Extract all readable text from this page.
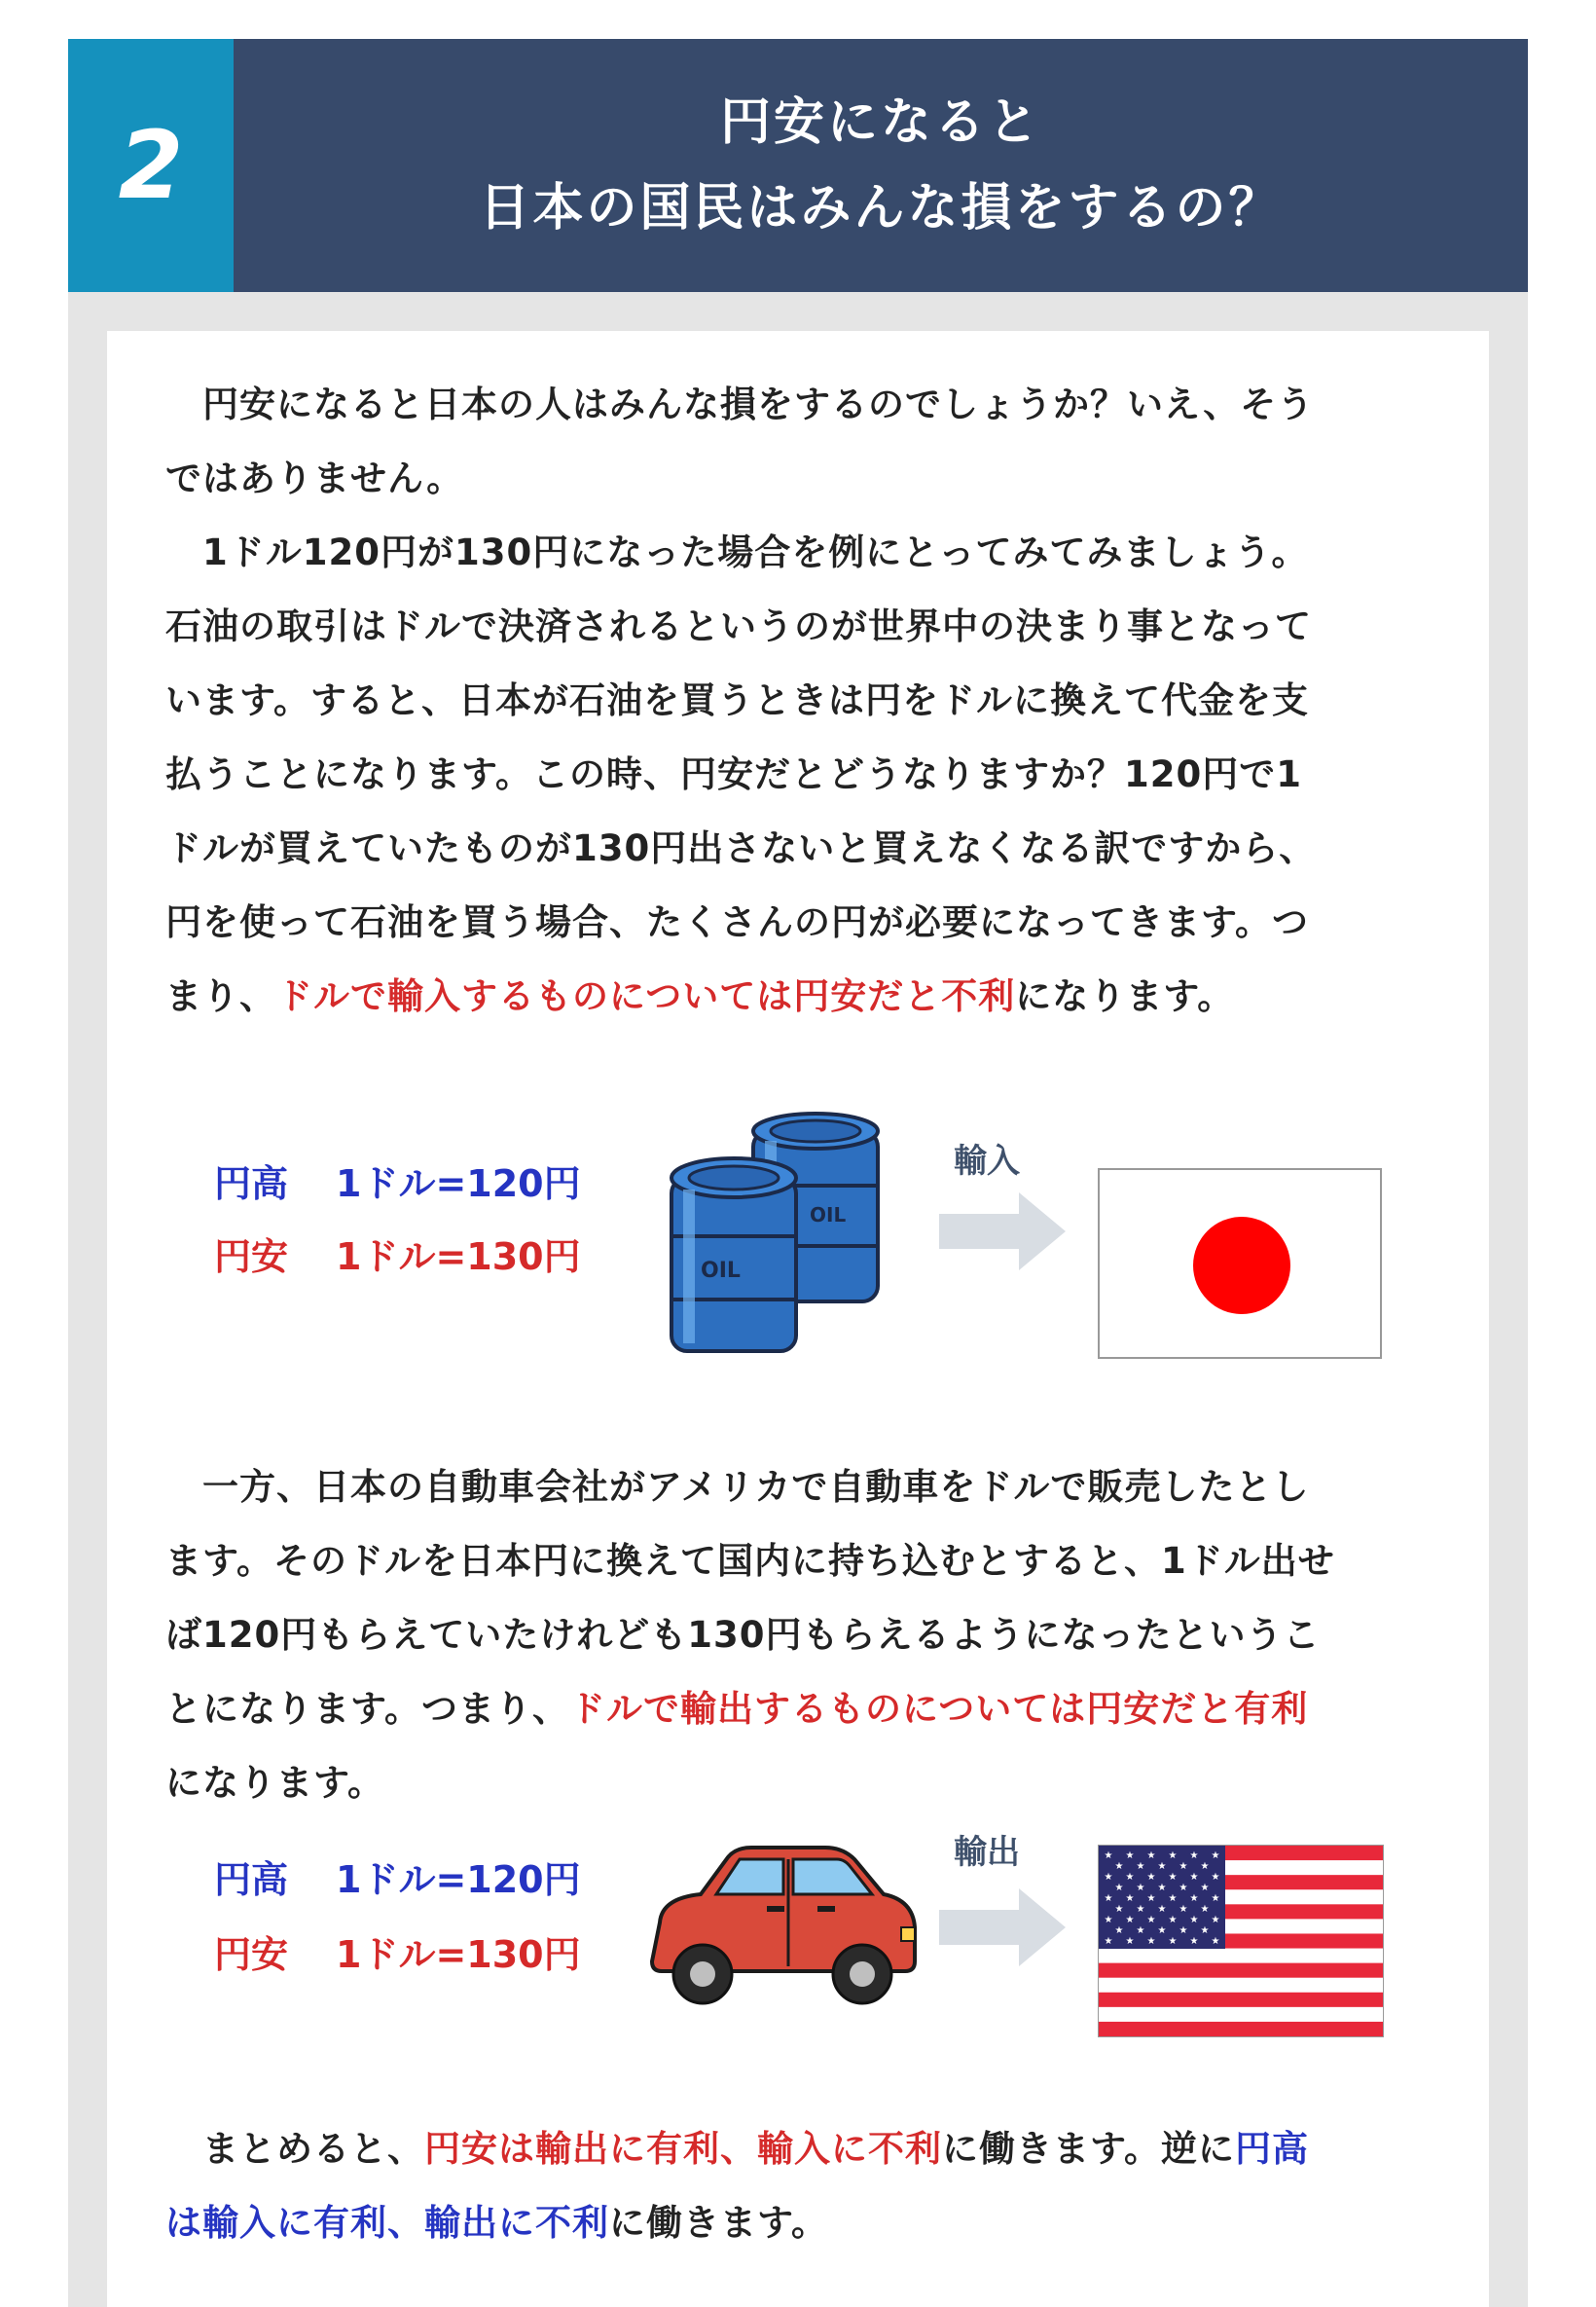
2	円安になると
日本の国民はみんな損をするの？
　円安になると日本の人はみんな損をするのでしょうか？いえ、そう
ではありません。
　1ドル120円が130円になった場合を例にとってみてみましょう。
石油の取引はドルで決済されるというのが世界中の決まり事となって
います。すると、日本が石油を買うときは円をドルに換えて代金を支
払うことになります。この時、円安だとどうなりますか？120円で1
ドルが買えていたものが130円出さないと買えなくなる訳ですから、
円を使って石油を買う場合、たくさんの円が必要になってきます。つ
まり、ドルで輸入するものについては円安だと不利になります。
円高 1ドル=120円
円安 1ドル=130円
OIL
OIL
輸入
　一方、日本の自動車会社がアメリカで自動車をドルで販売したとし
ます。そのドルを日本円に換えて国内に持ち込むとすると、1ドル出せ
ば120円もらえていたけれども130円もらえるようになったというこ
とになります。つまり、ドルで輸出するものについては円安だと有利
になります。
円高 1ドル=120円
円安 1ドル=130円
輸出	★ ★ ★ ★ ★ ★
★ ★ ★ ★ ★
★ ★ ★ ★ ★ ★
★ ★ ★ ★ ★
★ ★ ★ ★ ★ ★
★ ★ ★ ★ ★
★ ★ ★ ★ ★ ★
★ ★ ★ ★ ★
★ ★ ★ ★ ★ ★
　まとめると、円安は輸出に有利、輸入に不利に働きます。逆に円高
は輸入に有利、輸出に不利に働きます。
